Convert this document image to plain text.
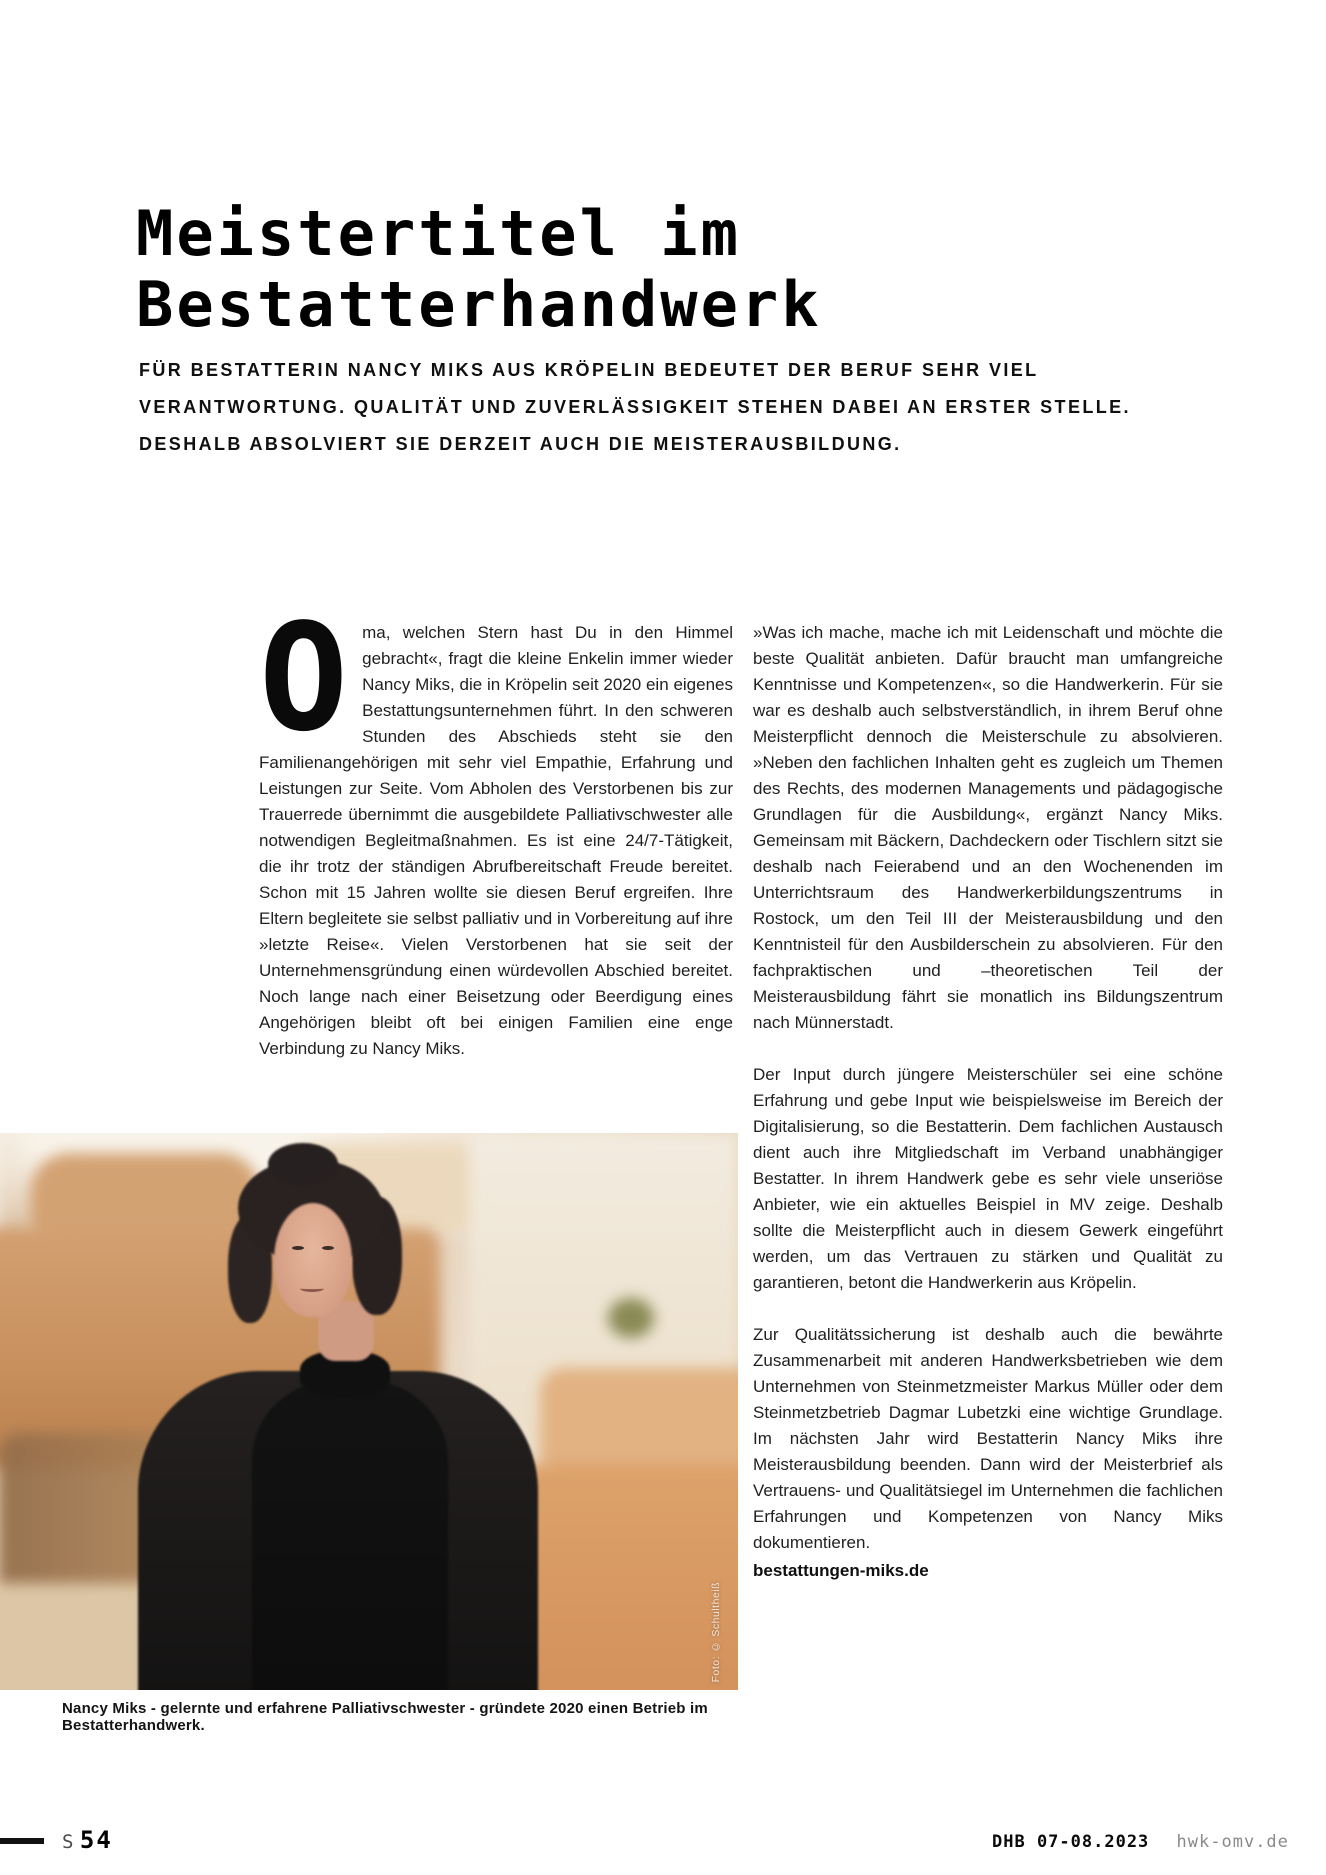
Meistertitel im
Bestatterhandwerk
FÜR BESTATTERIN NANCY MIKS AUS KRÖPELIN BEDEUTET DER BERUF SEHR VIEL
VERANTWORTUNG. QUALITÄT UND ZUVERLÄSSIGKEIT STEHEN DABEI AN ERSTER STELLE.
DESHALB ABSOLVIERT SIE DERZEIT AUCH DIE MEISTERAUSBILDUNG.

Oma, welchen Stern hast Du in den Himmel gebracht«, fragt die kleine Enkelin immer wieder Nancy Miks, die in Kröpelin seit 2020 ein eigenes Bestattungsunternehmen führt. In den schweren Stunden des Abschieds steht sie den Familienangehörigen mit sehr viel Empathie, Erfahrung und Leistungen zur Seite. Vom Abholen des Verstorbenen bis zur Trauerrede übernimmt die ausgebildete Palliativschwester alle notwendigen Begleitmaßnahmen. Es ist eine 24/7-Tätigkeit, die ihr trotz der ständigen Abrufbereitschaft Freude bereitet. Schon mit 15 Jahren wollte sie diesen Beruf ergreifen. Ihre Eltern begleitete sie selbst palliativ und in Vorbereitung auf ihre »letzte Reise«. Vielen Verstorbenen hat sie seit der Unternehmensgründung einen würdevollen Abschied bereitet. Noch lange nach einer Beisetzung oder Beerdigung eines Angehörigen bleibt oft bei einigen Familien eine enge Verbindung zu Nancy Miks.

»Was ich mache, mache ich mit Leidenschaft und möchte die beste Qualität anbieten. Dafür braucht man umfangreiche Kenntnisse und Kompetenzen«, so die Handwerkerin. Für sie war es deshalb auch selbstverständlich, in ihrem Beruf ohne Meisterpflicht dennoch die Meisterschule zu absolvieren. »Neben den fachlichen Inhalten geht es zugleich um Themen des Rechts, des modernen Managements und pädagogische Grundlagen für die Ausbildung«, ergänzt Nancy Miks. Gemeinsam mit Bäckern, Dachdeckern oder Tischlern sitzt sie deshalb nach Feierabend und an den Wochenenden im Unterrichtsraum des Handwerkerbildungszentrums in Rostock, um den Teil III der Meisterausbildung und den Kenntnisteil für den Ausbilderschein zu absolvieren. Für den fachpraktischen und –theoretischen Teil der Meisterausbildung fährt sie monatlich ins Bildungszentrum nach Münnerstadt.

Der Input durch jüngere Meisterschüler sei eine schöne Erfahrung und gebe Input wie beispielsweise im Bereich der Digitalisierung, so die Bestatterin. Dem fachlichen Austausch dient auch ihre Mitgliedschaft im Verband unabhängiger Bestatter. In ihrem Handwerk gebe es sehr viele unseriöse Anbieter, wie ein aktuelles Beispiel in MV zeige. Deshalb sollte die Meisterpflicht auch in diesem Gewerk eingeführt werden, um das Vertrauen zu stärken und Qualität zu garantieren, betont die Handwerkerin aus Kröpelin.

Zur Qualitätssicherung ist deshalb auch die bewährte Zusammenarbeit mit anderen Handwerksbetrieben wie dem Unternehmen von Steinmetzmeister Markus Müller oder dem Steinmetzbetrieb Dagmar Lubetzki eine wichtige Grundlage. Im nächsten Jahr wird Bestatterin Nancy Miks ihre Meisterausbildung beenden. Dann wird der Meisterbrief als Vertrauens- und Qualitätsiegel im Unternehmen die fachlichen Erfahrungen und Kompetenzen von Nancy Miks dokumentieren.

bestattungen-miks.de
Foto: © Schultheiß
Nancy Miks - gelernte und erfahrene Palliativschwester - gründete 2020 einen Betrieb im Bestatterhandwerk.
S 54	DHB 07-08.2023 hwk-omv.de
